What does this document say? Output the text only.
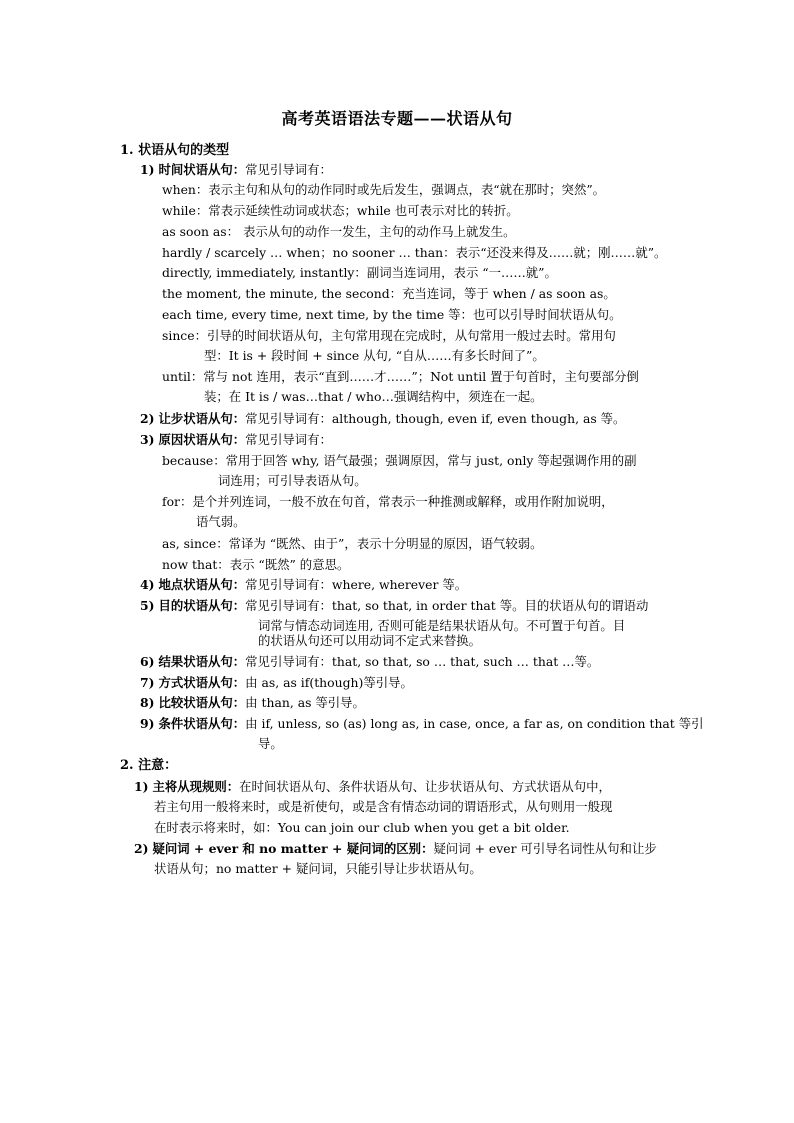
高考英语语法专题——状语从句
1. 状语从句的类型
1) 时间状语从句：常见引导词有：
when：表示主句和从句的动作同时或先后发生，强调点，表“就在那时；突然”。
while：常表示延续性动词或状态；while 也可表示对比的转折。
as soon as： 表示从句的动作一发生，主句的动作马上就发生。
hardly / scarcely … when；no sooner … than：表示“还没来得及……就；刚……就”。
directly, immediately, instantly：副词当连词用，表示 “一……就”。
the moment, the minute, the second：充当连词，等于 when / as soon as。
each time, every time, next time, by the time 等：也可以引导时间状语从句。
since：引导的时间状语从句，主句常用现在完成时，从句常用一般过去时。常用句
型：It is + 段时间 + since 从句, “自从……有多长时间了”。
until：常与 not 连用，表示“直到……才……”；Not until 置于句首时，主句要部分倒
装；在 It is / was…that / who…强调结构中，须连在一起。
2) 让步状语从句：常见引导词有：although, though, even if, even though, as 等。
3) 原因状语从句：常见引导词有：
because：常用于回答 why, 语气最强；强调原因，常与 just, only 等起强调作用的副
词连用；可引导表语从句。
for：是个并列连词，一般不放在句首，常表示一种推测或解释，或用作附加说明，
语气弱。
as, since：常译为 “既然、由于”，表示十分明显的原因，语气较弱。
now that：表示 “既然” 的意思。
4) 地点状语从句：常见引导词有：where, wherever 等。
5) 目的状语从句：常见引导词有：that, so that, in order that 等。目的状语从句的谓语动
词常与情态动词连用, 否则可能是结果状语从句。不可置于句首。目
的状语从句还可以用动词不定式来替换。
6) 结果状语从句：常见引导词有：that, so that, so … that, such … that …等。
7) 方式状语从句：由 as, as if(though)等引导。
8) 比较状语从句：由 than, as 等引导。
9) 条件状语从句：由 if, unless, so (as) long as, in case, once, a far as, on condition that 等引
导。
2. 注意：
1) 主将从现规则：在时间状语从句、条件状语从句、让步状语从句、方式状语从句中，
若主句用一般将来时，或是祈使句，或是含有情态动词的谓语形式，从句则用一般现
在时表示将来时，如：You can join our club when you get a bit older.
2) 疑问词 + ever 和 no matter + 疑问词的区别：疑问词 + ever 可引导名词性从句和让步
状语从句；no matter + 疑问词，只能引导让步状语从句。
